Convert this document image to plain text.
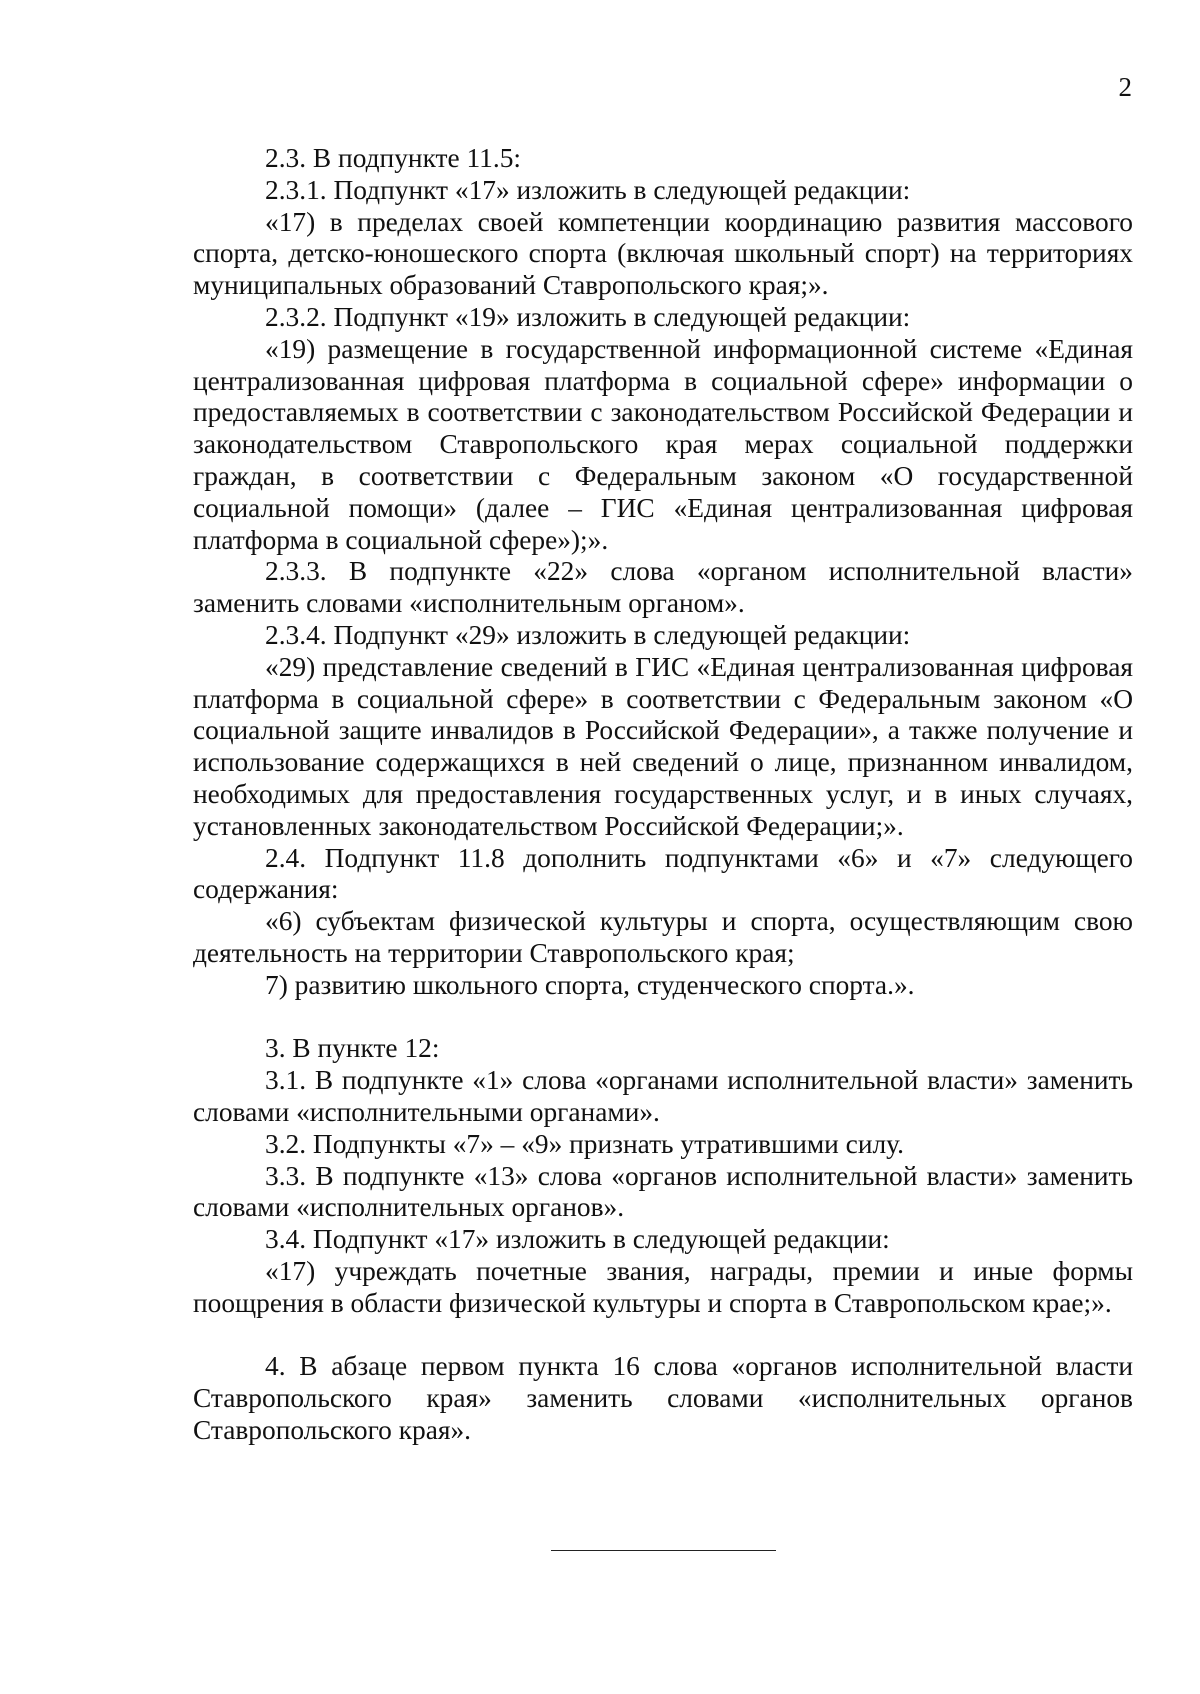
2

2.3. В подпункте 11.5:

2.3.1. Подпункт «17» изложить в следующей редакции:

«17) в пределах своей компетенции координацию развития массового спорта, детско-юношеского спорта (включая школьный спорт) на территориях муниципальных образований Ставропольского края;».

2.3.2. Подпункт «19» изложить в следующей редакции:

«19) размещение в государственной информационной системе «Единая централизованная цифровая платформа в социальной сфере» информации о предоставляемых в соответствии с законодательством Российской Федерации и законодательством Ставропольского края мерах социальной поддержки граждан, в соответствии с Федеральным законом «О государственной социальной помощи» (далее – ГИС «Единая централизованная цифровая платформа в социальной сфере»);».

2.3.3. В подпункте «22» слова «органом исполнительной власти» заменить словами «исполнительным органом».

2.3.4. Подпункт «29» изложить в следующей редакции:

«29) представление сведений в ГИС «Единая централизованная цифровая платформа в социальной сфере» в соответствии с Федеральным законом «О социальной защите инвалидов в Российской Федерации», а также получение и использование содержащихся в ней сведений о лице, признанном инвалидом, необходимых для предоставления государственных услуг, и в иных случаях, установленных законодательством Российской Федерации;».

2.4. Подпункт 11.8 дополнить подпунктами «6» и «7» следующего содержания:

«6) субъектам физической культуры и спорта, осуществляющим свою деятельность на территории Ставропольского края;

7) развитию школьного спорта, студенческого спорта.».

3. В пункте 12:

3.1. В подпункте «1» слова «органами исполнительной власти» заменить словами «исполнительными органами».

3.2. Подпункты «7» – «9» признать утратившими силу.

3.3. В подпункте «13» слова «органов исполнительной власти» заменить словами «исполнительных органов».

3.4. Подпункт «17» изложить в следующей редакции:

«17) учреждать почетные звания, награды, премии и иные формы поощрения в области физической культуры и спорта в Ставропольском крае;».

4. В абзаце первом пункта 16 слова «органов исполнительной власти Ставропольского края» заменить словами «исполнительных органов Ставропольского края».
